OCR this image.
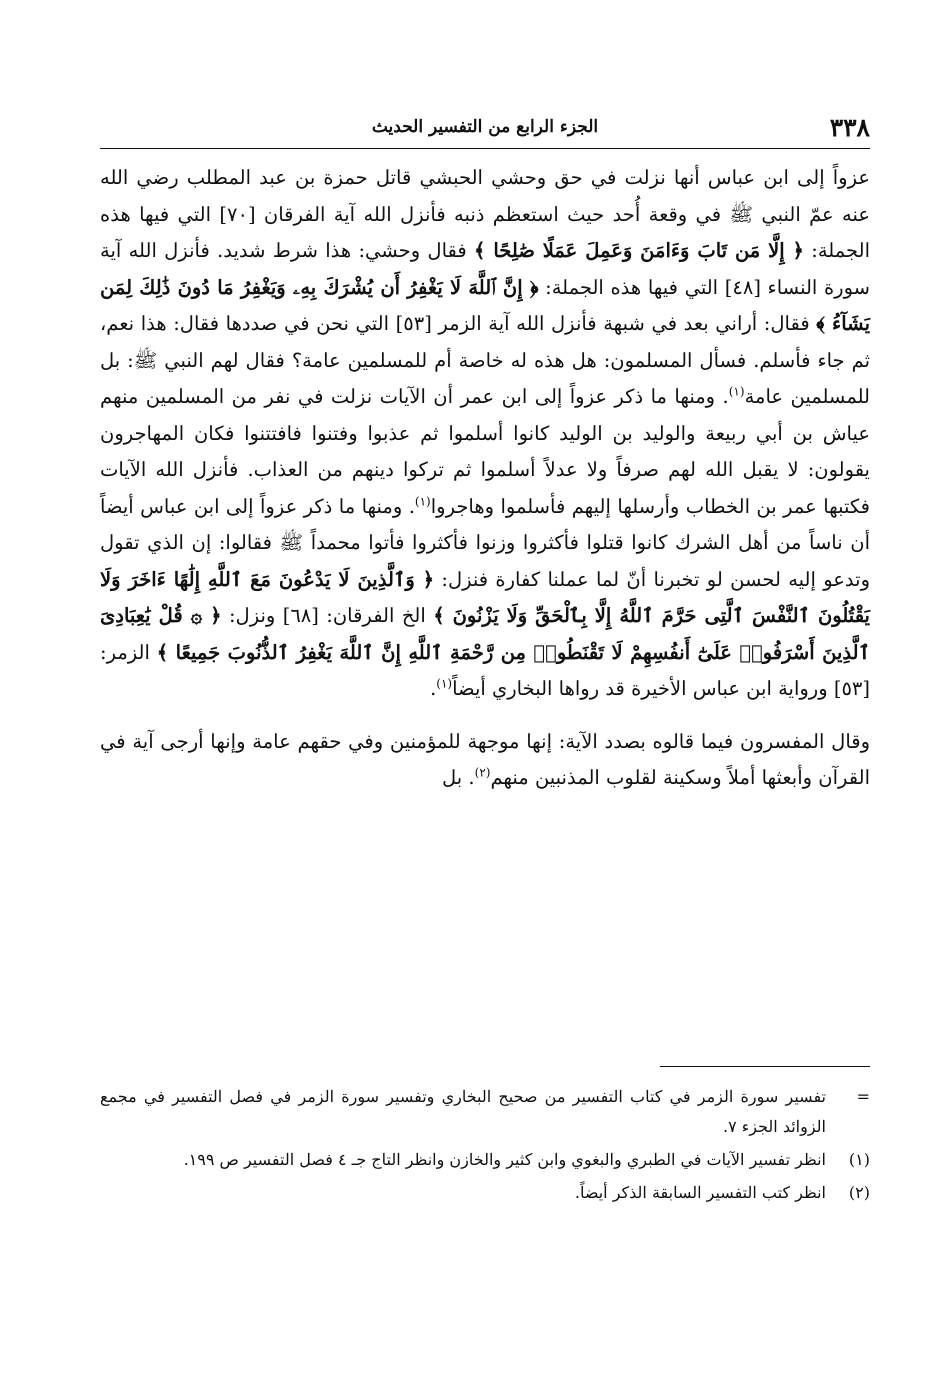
٣٣٨
الجزء الرابع من التفسير الحديث

عزواً إلى ابن عباس أنها نزلت في حق وحشي الحبشي قاتل حمزة بن عبد المطلب رضي الله عنه عمّ النبي ﷺ في وقعة أُحد حيث استعظم ذنبه فأنزل الله آية الفرقان [٧٠] التي فيها هذه الجملة: ﴿ إِلَّا مَن تَابَ وَءَامَنَ وَعَمِلَ عَمَلًا صَٰلِحًا ﴾ فقال وحشي: هذا شرط شديد. فأنزل الله آية سورة النساء [٤٨] التي فيها هذه الجملة: ﴿ إِنَّ ٱللَّهَ لَا يَغْفِرُ أَن يُشْرَكَ بِهِۦ وَيَغْفِرُ مَا دُونَ ذَٰلِكَ لِمَن يَشَآءُ ﴾ فقال: أراني بعد في شبهة فأنزل الله آية الزمر [٥٣] التي نحن في صددها فقال: هذا نعم، ثم جاء فأسلم. فسأل المسلمون: هل هذه له خاصة أم للمسلمين عامة؟ فقال لهم النبي ﷺ: بل للمسلمين عامة$^{(١)}$. ومنها ما ذكر عزواً إلى ابن عمر أن الآيات نزلت في نفر من المسلمين منهم عياش بن أبي ربيعة والوليد بن الوليد كانوا أسلموا ثم عذبوا وفتنوا فافتتنوا فكان المهاجرون يقولون: لا يقبل الله لهم صرفاً ولا عدلاً أسلموا ثم تركوا دينهم من العذاب. فأنزل الله الآيات فكتبها عمر بن الخطاب وأرسلها إليهم فأسلموا وهاجروا$^{(١)}$. ومنها ما ذكر عزواً إلى ابن عباس أيضاً أن ناساً من أهل الشرك كانوا قتلوا فأكثروا وزنوا فأكثروا فأتوا محمداً ﷺ فقالوا: إن الذي تقول وتدعو إليه لحسن لو تخبرنا أنّ لما عملنا كفارة فنزل: ﴿ وَٱلَّذِينَ لَا يَدْعُونَ مَعَ ٱللَّهِ إِلَٰهًا ءَاخَرَ وَلَا يَقْتُلُونَ ٱلنَّفْسَ ٱلَّتِى حَرَّمَ ٱللَّهُ إِلَّا بِٱلْحَقِّ وَلَا يَزْنُونَ ﴾ الخ الفرقان: [٦٨] ونزل: ﴿ ۞ قُلْ يَٰعِبَادِىَ ٱلَّذِينَ أَسْرَفُوا۟ عَلَىٰٓ أَنفُسِهِمْ لَا تَقْنَطُوا۟ مِن رَّحْمَةِ ٱللَّهِ إِنَّ ٱللَّهَ يَغْفِرُ ٱلذُّنُوبَ جَمِيعًا ﴾ الزمر: [٥٣] ورواية ابن عباس الأخيرة قد رواها البخاري أيضاً$^{(١)}$.

وقال المفسرون فيما قالوه بصدد الآية: إنها موجهة للمؤمنين وفي حقهم عامة وإنها أرجى آية في القرآن وأبعثها أملاً وسكينة لقلوب المذنبين منهم$^{(٢)}$. بل

=
تفسير سورة الزمر في كتاب التفسير من صحيح البخاري وتفسير سورة الزمر في فصل التفسير في مجمع الزوائد الجزء ٧.
(١)
انظر تفسير الآيات في الطبري والبغوي وابن كثير والخازن وانظر التاج جـ ٤ فصل التفسير ص ١٩٩.
(٢)
انظر كتب التفسير السابقة الذكر أيضاً.
